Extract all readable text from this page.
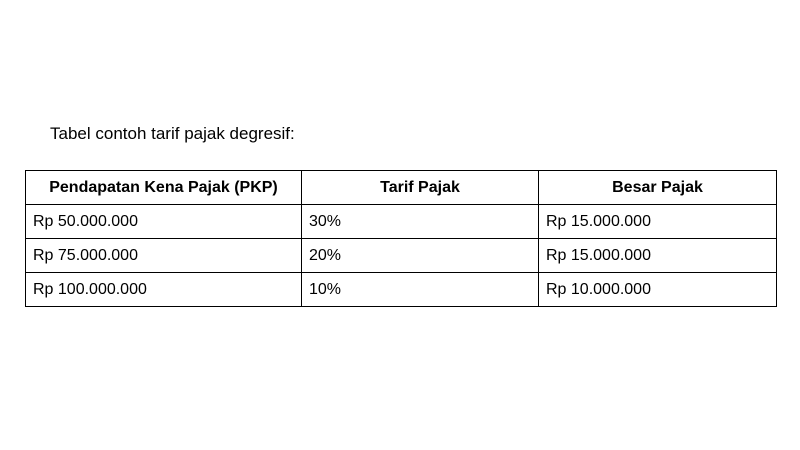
Tabel contoh tarif pajak degresif:
Pendapatan Kena Pajak (PKP)	Tarif Pajak	Besar Pajak
Rp 50.000.000	30%	Rp 15.000.000
Rp 75.000.000	20%	Rp 15.000.000
Rp 100.000.000	10%	Rp 10.000.000
